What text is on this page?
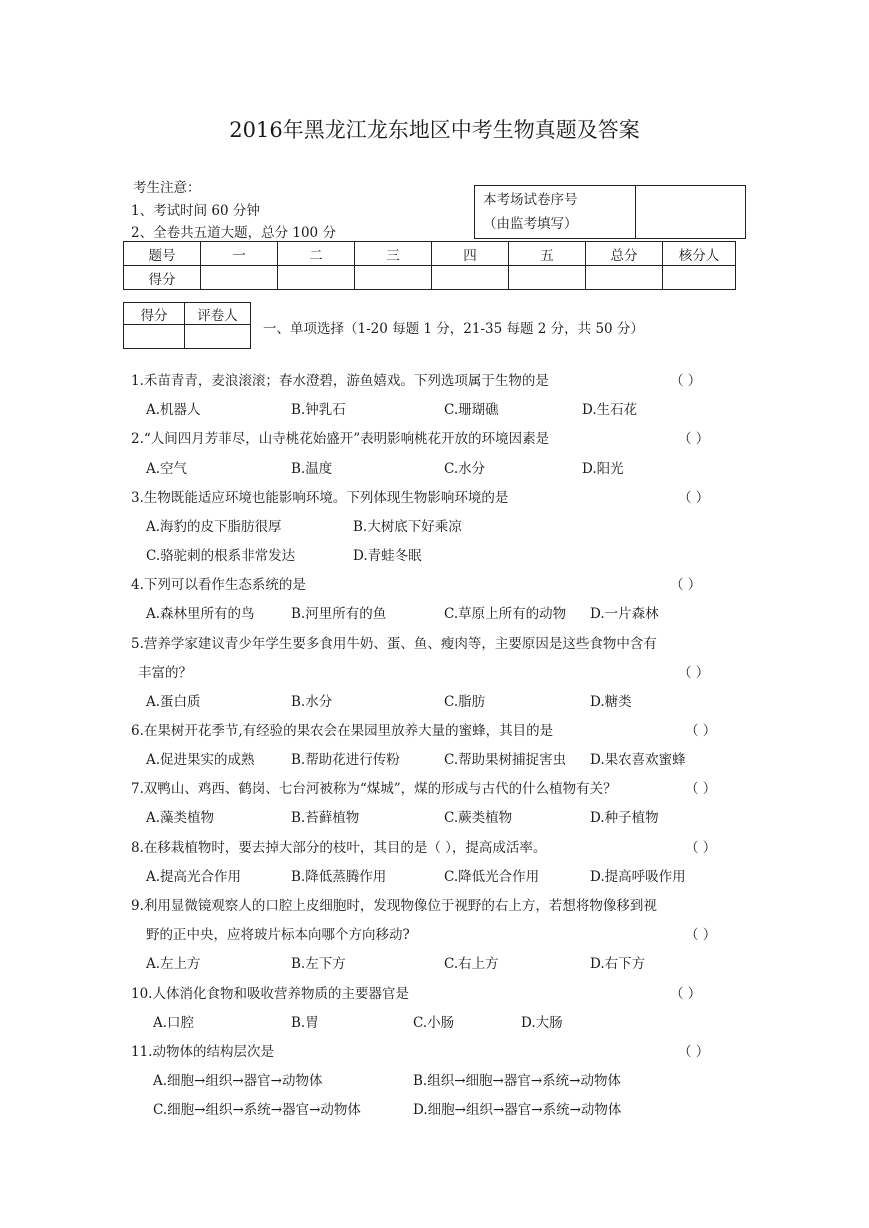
2016年黑龙江龙东地区中考生物真题及答案
考生注意：
1、考试时间 60 分钟
2、全卷共五道大题，总分 100 分
本考场试卷序号
（由监考填写）

题号	一	二	三	四	五	总分	核分人
得分							
得分	评卷人

一、单项选择（1-20 每题 1 分，21-35 每题 2 分，共 50 分）
1.禾苗青青，麦浪滚滚；春水澄碧，游鱼嬉戏。下列选项属于生物的是	（ ）
A.机器人	B.钟乳石	C.珊瑚礁	D.生石花
2.“人间四月芳菲尽，山寺桃花始盛开”表明影响桃花开放的环境因素是	（ ）
A.空气	B.温度	C.水分	D.阳光
3.生物既能适应环境也能影响环境。下列体现生物影响环境的是	（ ）
A.海豹的皮下脂肪很厚	B.大树底下好乘凉
C.骆驼刺的根系非常发达	D.青蛙冬眠
4.下列可以看作生态系统的是	（ ）
A.森林里所有的鸟	B.河里所有的鱼	C.草原上所有的动物 D.一片森林
5.营养学家建议青少年学生要多食用牛奶、蛋、鱼、瘦肉等，主要原因是这些食物中含有
丰富的？	（ ）
A.蛋白质	B.水分	C.脂肪	D.糖类
6.在果树开花季节,有经验的果农会在果园里放养大量的蜜蜂，其目的是	（ ）
A.促进果实的成熟	B.帮助花进行传粉	C.帮助果树捕捉害虫 D.果农喜欢蜜蜂
7.双鸭山、鸡西、鹤岗、七台河被称为“煤城”，煤的形成与古代的什么植物有关？	（ ）
A.藻类植物	B.苔藓植物	C.蕨类植物	D.种子植物
8.在移栽植物时，要去掉大部分的枝叶，其目的是（ ），提高成活率。	（ ）
A.提高光合作用	B.降低蒸腾作用	C.降低光合作用	D.提高呼吸作用
9.利用显微镜观察人的口腔上皮细胞时，发现物像位于视野的右上方，若想将物像移到视
野的正中央，应将玻片标本向哪个方向移动?	（ ）
A.左上方	B.左下方	C.右上方	D.右下方
10.人体消化食物和吸收营养物质的主要器官是	（ ）
A.口腔	B.胃	C.小肠	D.大肠
11.动物体的结构层次是	（ ）
A.细胞→组织→器官→动物体	B.组织→细胞→器官→系统→动物体
C.细胞→组织→系统→器官→动物体	D.细胞→组织→器官→系统→动物体
